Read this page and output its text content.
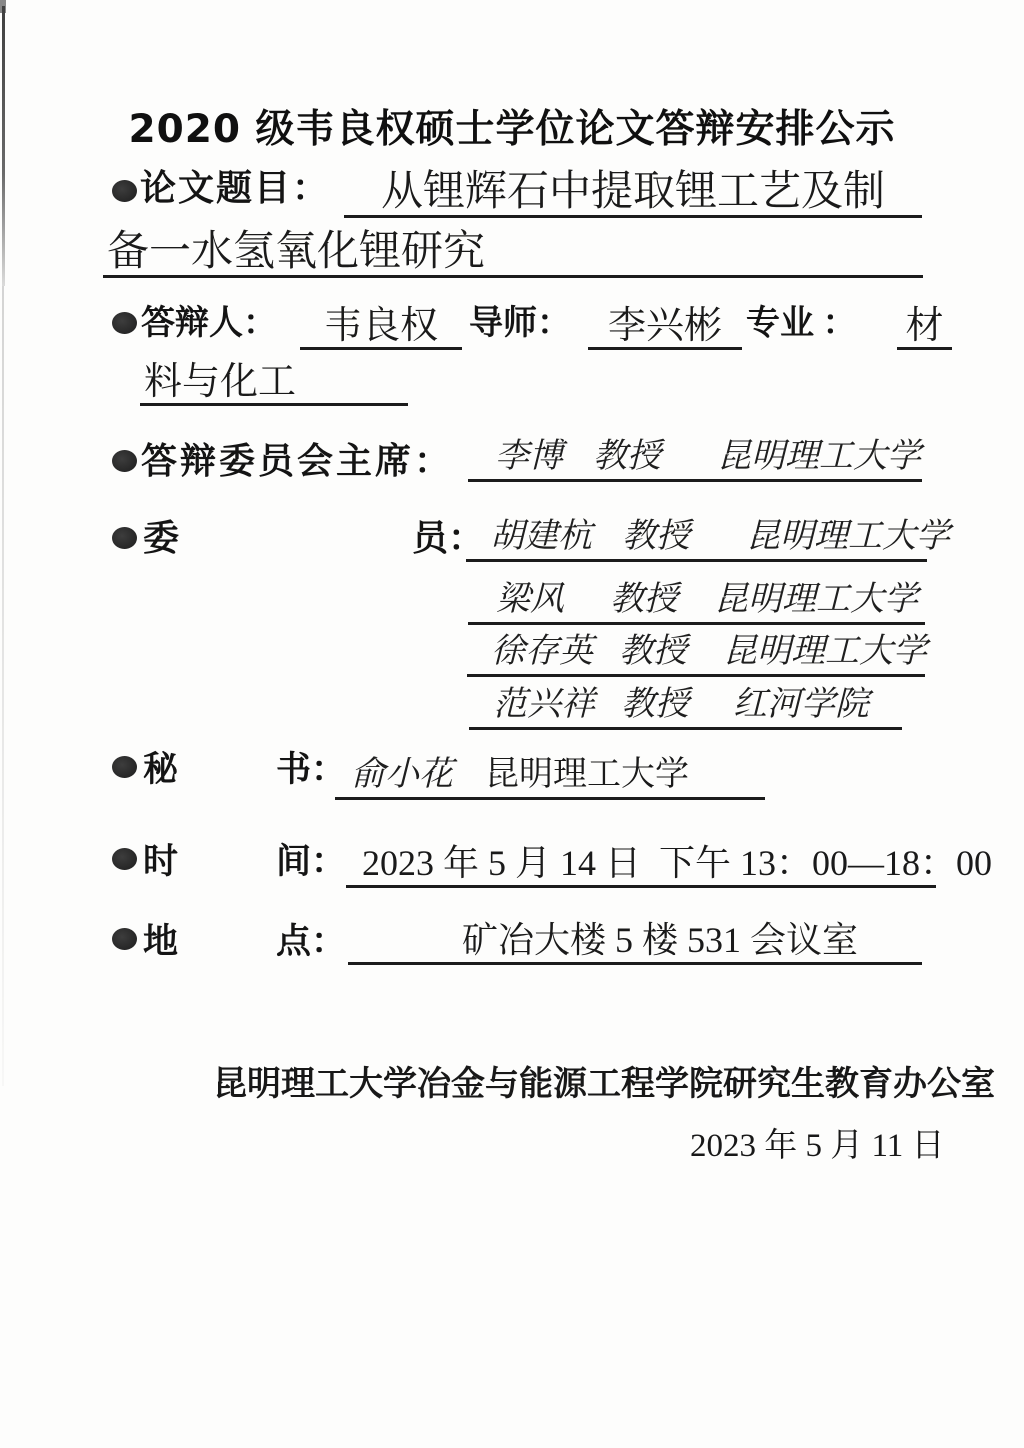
2020 级韦良权硕士学位论文答辩安排公示
论文题目： 从锂辉石中提取锂工艺及制
备一水氢氧化锂研究
答辩人： 韦良权 导师： 李兴彬 专业 ： 材
料与化工
答辩委员会主席： 李博 教授 昆明理工大学
委	员： 胡建杭 教授 昆明理工大学
梁风 教授 昆明理工大学
徐存英 教授 昆明理工大学
范兴祥 教授 红河学院
秘	书： 俞小花 昆明理工大学
时	间： 2023 年 5 月 14 日  下午 13：00—18：00
地	点：	矿冶大楼 5 楼 531 会议室
昆明理工大学冶金与能源工程学院研究生教育办公室
2023 年 5 月 11 日
